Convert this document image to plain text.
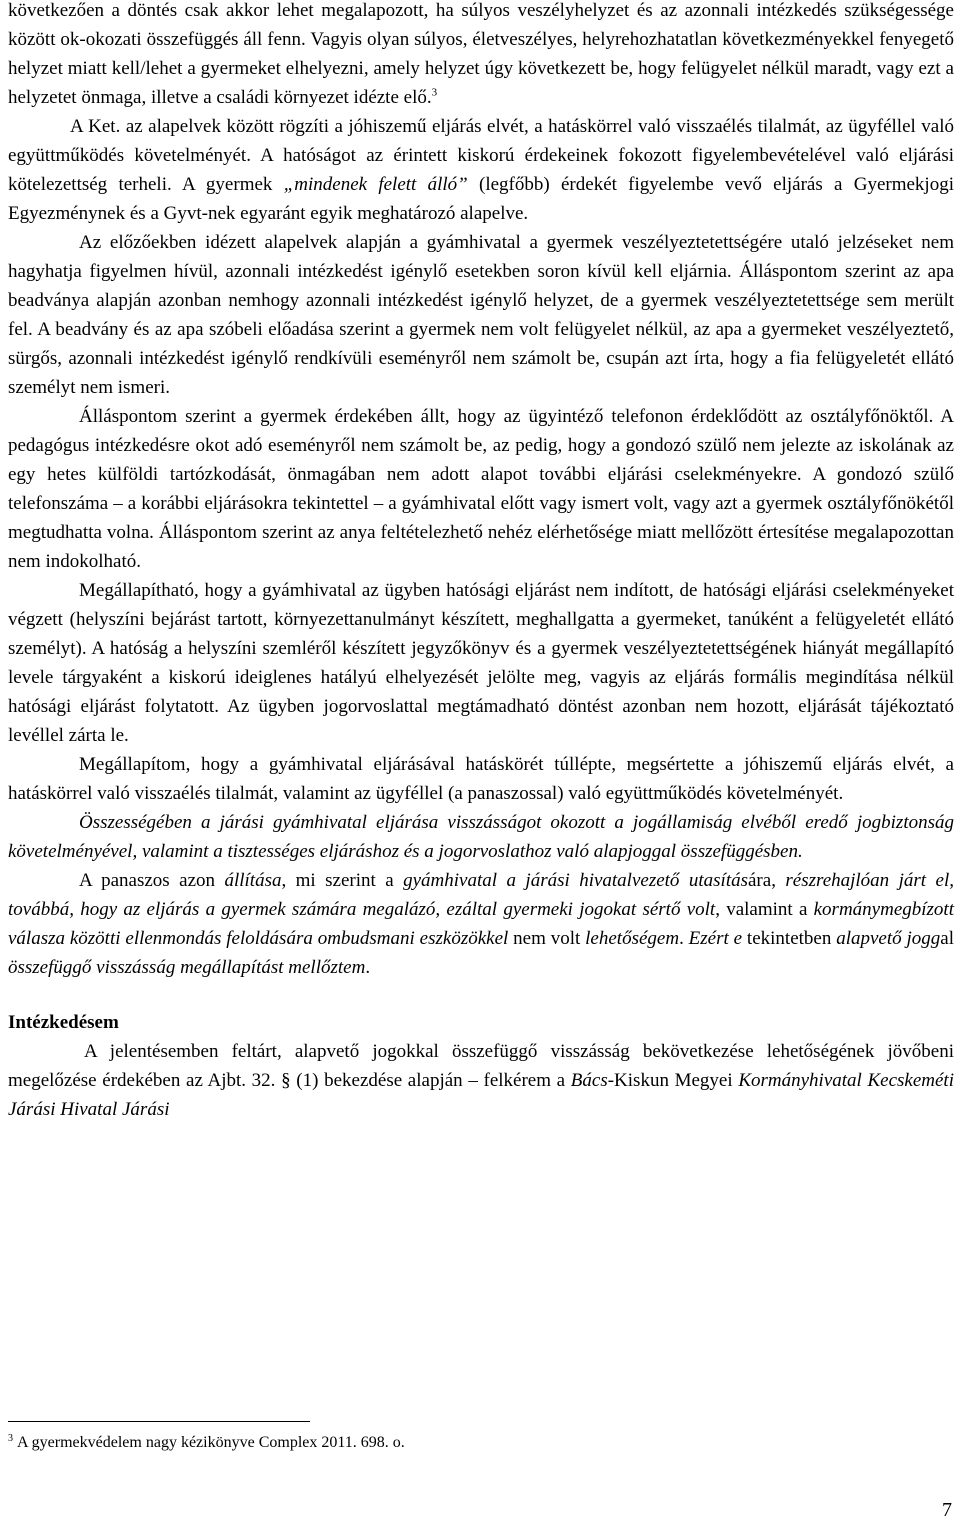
következően a döntés csak akkor lehet megalapozott, ha súlyos veszélyhelyzet és az azonnali intézkedés szükségessége között ok-okozati összefüggés áll fenn. Vagyis olyan súlyos, életveszélyes, helyrehozhatatlan következményekkel fenyegető helyzet miatt kell/lehet a gyermeket elhelyezni, amely helyzet úgy következett be, hogy felügyelet nélkül maradt, vagy ezt a helyzetet önmaga, illetve a családi környezet idézte elő.$^3$

A Ket. az alapelvek között rögzíti a jóhiszemű eljárás elvét, a hatáskörrel való visszaélés tilalmát, az ügyféllel való együttműködés követelményét. A hatóságot az érintett kiskorú érdekeinek fokozott figyelembevételével való eljárási kötelezettség terheli. A gyermek „mindenek felett álló” (legfőbb) érdekét figyelembe vevő eljárás a Gyermekjogi Egyezménynek és a Gyvt-nek egyaránt egyik meghatározó alapelve.

Az előzőekben idézett alapelvek alapján a gyámhivatal a gyermek veszélyeztetettségére utaló jelzéseket nem hagyhatja figyelmen hívül, azonnali intézkedést igénylő esetekben soron kívül kell eljárnia. Álláspontom szerint az apa beadványa alapján azonban nemhogy azonnali intézkedést igénylő helyzet, de a gyermek veszélyeztetettsége sem merült fel. A beadvány és az apa szóbeli előadása szerint a gyermek nem volt felügyelet nélkül, az apa a gyermeket veszélyeztető, sürgős, azonnali intézkedést igénylő rendkívüli eseményről nem számolt be, csupán azt írta, hogy a fia felügyeletét ellátó személyt nem ismeri.

Álláspontom szerint a gyermek érdekében állt, hogy az ügyintéző telefonon érdeklődött az osztályfőnöktől. A pedagógus intézkedésre okot adó eseményről nem számolt be, az pedig, hogy a gondozó szülő nem jelezte az iskolának az egy hetes külföldi tartózkodását, önmagában nem adott alapot további eljárási cselekményekre. A gondozó szülő telefonszáma – a korábbi eljárásokra tekintettel – a gyámhivatal előtt vagy ismert volt, vagy azt a gyermek osztályfőnökétől megtudhatta volna. Álláspontom szerint az anya feltételezhető nehéz elérhetősége miatt mellőzött értesítése megalapozottan nem indokolható.

Megállapítható, hogy a gyámhivatal az ügyben hatósági eljárást nem indított, de hatósági eljárási cselekményeket végzett (helyszíni bejárást tartott, környezettanulmányt készített, meghallgatta a gyermeket, tanúként a felügyeletét ellátó személyt). A hatóság a helyszíni szemléről készített jegyzőkönyv és a gyermek veszélyeztetettségének hiányát megállapító levele tárgyaként a kiskorú ideiglenes hatályú elhelyezését jelölte meg, vagyis az eljárás formális megindítása nélkül hatósági eljárást folytatott. Az ügyben jogorvoslattal megtámadható döntést azonban nem hozott, eljárását tájékoztató levéllel zárta le.

Megállapítom, hogy a gyámhivatal eljárásával hatáskörét túllépte, megsértette a jóhiszemű eljárás elvét, a hatáskörrel való visszaélés tilalmát, valamint az ügyféllel (a panaszossal) való együttműködés követelményét.

Összességében a járási gyámhivatal eljárása visszásságot okozott a jogállamiság elvéből eredő jogbiztonság követelményével, valamint a tisztességes eljáráshoz és a jogorvoslathoz való alapjoggal összefüggésben.

A panaszos azon állítása, mi szerint a gyámhivatal a járási hivatalvezető utasítására, részrehajlóan járt el, továbbá, hogy az eljárás a gyermek számára megalázó, ezáltal gyermeki jogokat sértő volt, valamint a kormánymegbízott válasza közötti ellenmondás feloldására ombudsmani eszközökkel nem volt lehetőségem. Ezért e tekintetben alapvető joggal összefüggő visszásság megállapítást mellőztem.

Intézkedésem

A jelentésemben feltárt, alapvető jogokkal összefüggő visszásság bekövetkezése lehetőségének jövőbeni megelőzése érdekében az Ajbt. 32. § (1) bekezdése alapján – felkérem a Bács-Kiskun Megyei Kormányhivatal Kecskeméti Járási Hivatal Járási

$^3$ A gyermekvédelem nagy kézikönyve Complex 2011. 698. o.
7
